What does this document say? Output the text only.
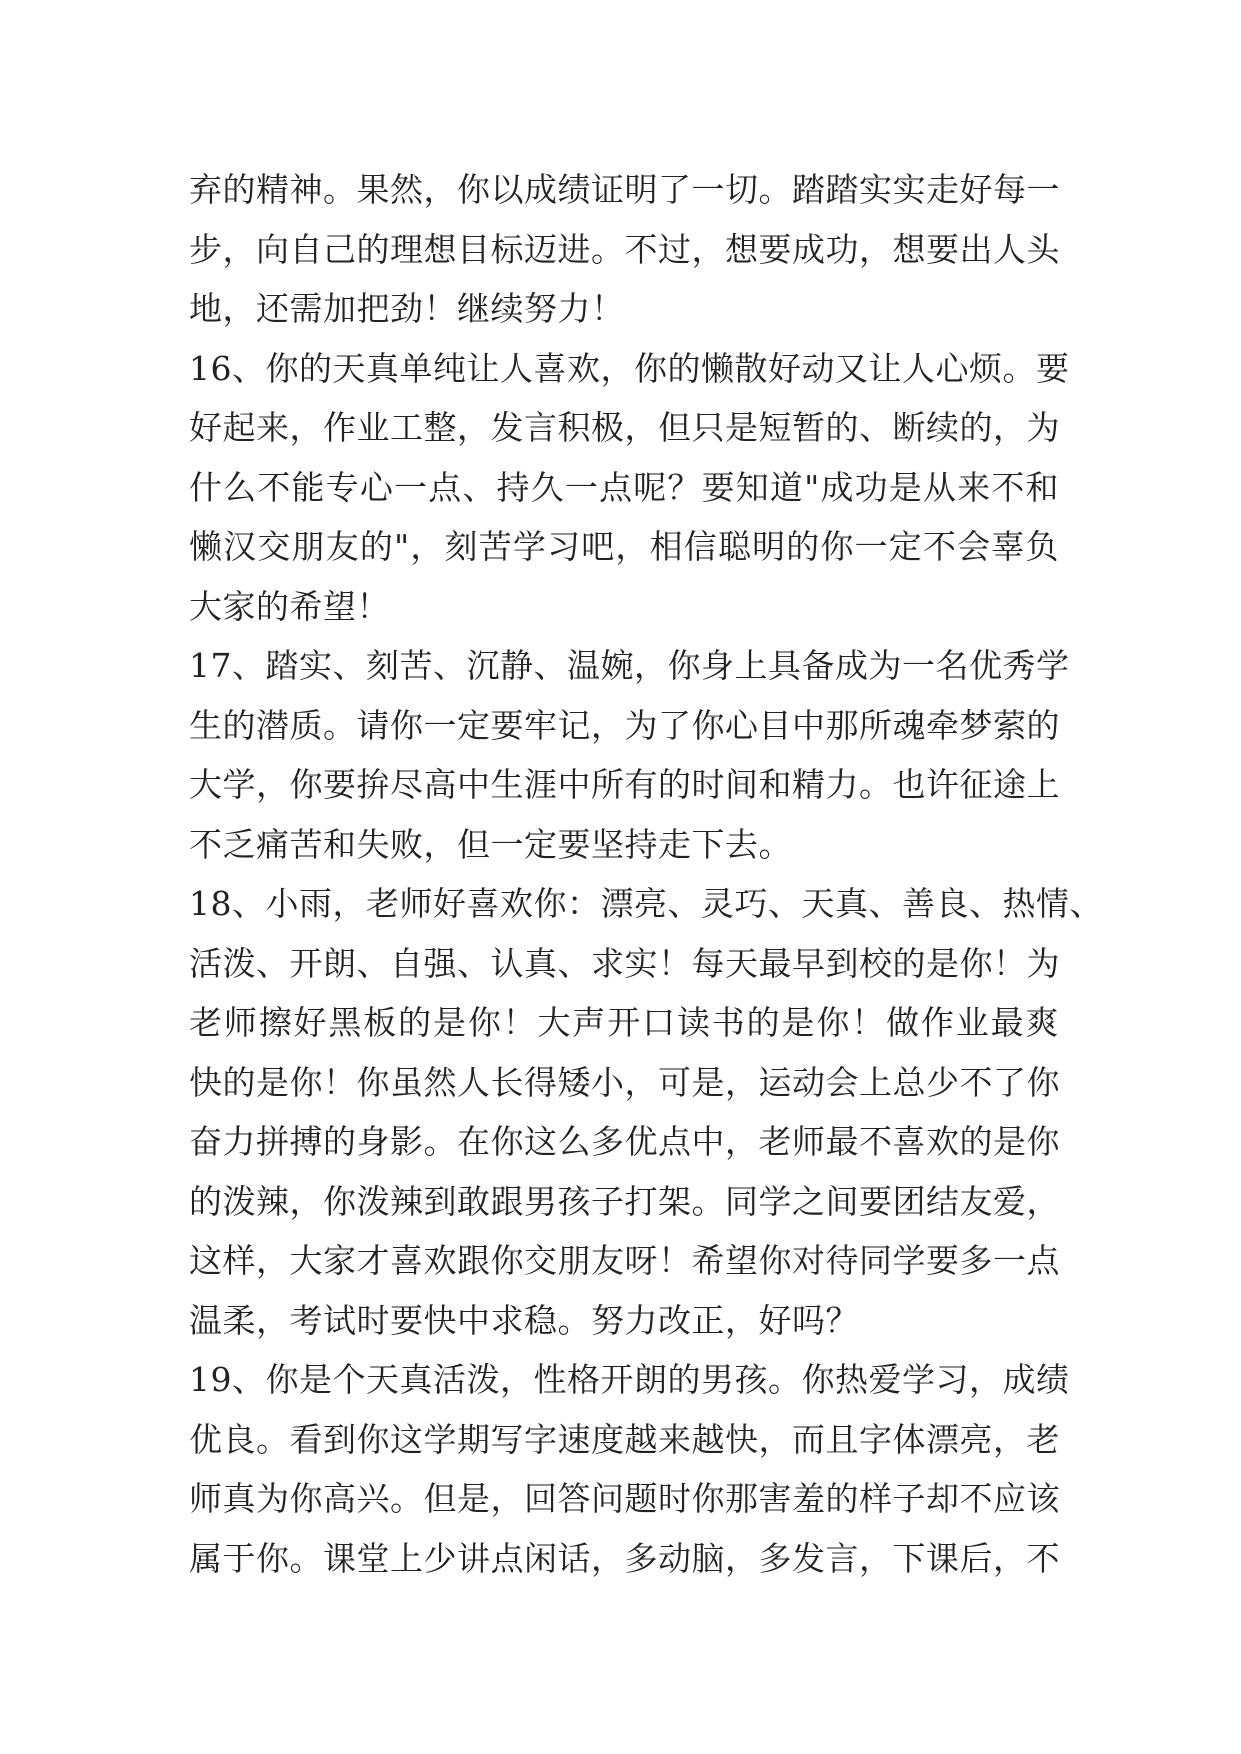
弃的精神。果然，你以成绩证明了一切。踏踏实实走好每一
步，向自己的理想目标迈进。不过，想要成功，想要出人头
地，还需加把劲！继续努力！
16、你的天真单纯让人喜欢，你的懒散好动又让人心烦。要
好起来，作业工整，发言积极，但只是短暂的、断续的，为
什么不能专心一点、持久一点呢？要知道"成功是从来不和
懒汉交朋友的"，刻苦学习吧，相信聪明的你一定不会辜负
大家的希望！
17、踏实、刻苦、沉静、温婉，你身上具备成为一名优秀学
生的潜质。请你一定要牢记，为了你心目中那所魂牵梦萦的
大学，你要拚尽高中生涯中所有的时间和精力。也许征途上
不乏痛苦和失败，但一定要坚持走下去。
18、小雨，老师好喜欢你：漂亮、灵巧、天真、善良、热情、
活泼、开朗、自强、认真、求实！每天最早到校的是你！为
老师擦好黑板的是你！大声开口读书的是你！做作业最爽
快的是你！你虽然人长得矮小，可是，运动会上总少不了你
奋力拼搏的身影。在你这么多优点中，老师最不喜欢的是你
的泼辣，你泼辣到敢跟男孩子打架。同学之间要团结友爱，
这样，大家才喜欢跟你交朋友呀！希望你对待同学要多一点
温柔，考试时要快中求稳。努力改正，好吗？
19、你是个天真活泼，性格开朗的男孩。你热爱学习，成绩
优良。看到你这学期写字速度越来越快，而且字体漂亮，老
师真为你高兴。但是，回答问题时你那害羞的样子却不应该
属于你。课堂上少讲点闲话，多动脑，多发言，下课后，不
